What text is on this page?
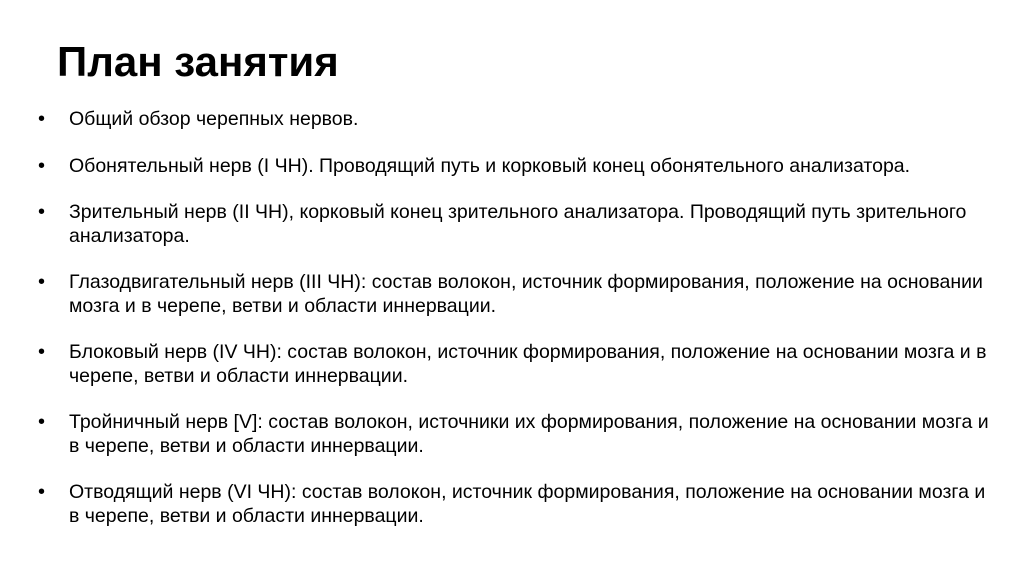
План занятия
• Общий обзор черепных нервов.
• Обонятельный нерв (I ЧН). Проводящий путь и корковый конец обонятельного анализатора.
• Зрительный нерв (II ЧН), корковый конец зрительного анализатора. Проводящий путь зрительного анализатора.
• Глазодвигательный нерв (III ЧН): состав волокон, источник формирования, положение на основании мозга и в черепе, ветви и области иннервации.
• Блоковый нерв (IV ЧН): состав волокон, источник формирования, положение на основании мозга и в черепе, ветви и области иннервации.
• Тройничный нерв [V]: состав волокон, источники их формирования, положение на основании мозга и в черепе, ветви и области иннервации.
• Отводящий нерв (VI ЧН): состав волокон, источник формирования, положение на основании мозга и в черепе, ветви и области иннервации.
